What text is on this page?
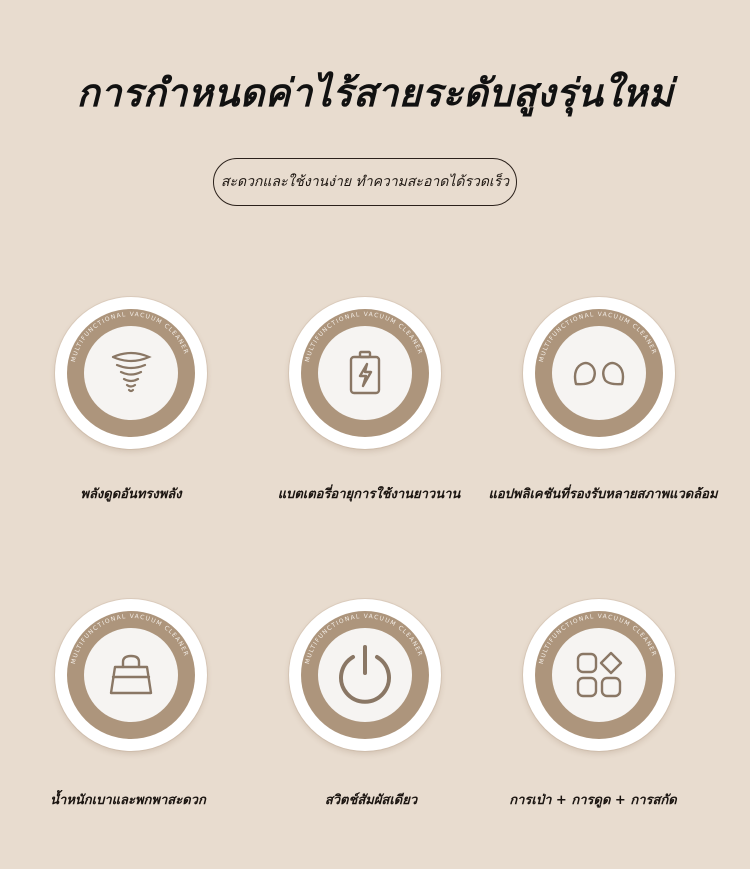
การกำหนดค่าไร้สายระดับสูงรุ่นใหม่
สะดวกและใช้งานง่าย ทำความสะอาดได้รวดเร็ว
MULTIFUNCTIONAL VACUUM CLEANER
พลังดูดอันทรงพลัง
MULTIFUNCTIONAL VACUUM CLEANER
แบตเตอรี่อายุการใช้งานยาวนาน
MULTIFUNCTIONAL VACUUM CLEANER
แอปพลิเคชันที่รองรับหลายสภาพแวดล้อม
MULTIFUNCTIONAL VACUUM CLEANER
น้ำหนักเบาและพกพาสะดวก
MULTIFUNCTIONAL VACUUM CLEANER
สวิตช์สัมผัสเดียว
MULTIFUNCTIONAL VACUUM CLEANER
การเป่า + การดูด + การสกัด
